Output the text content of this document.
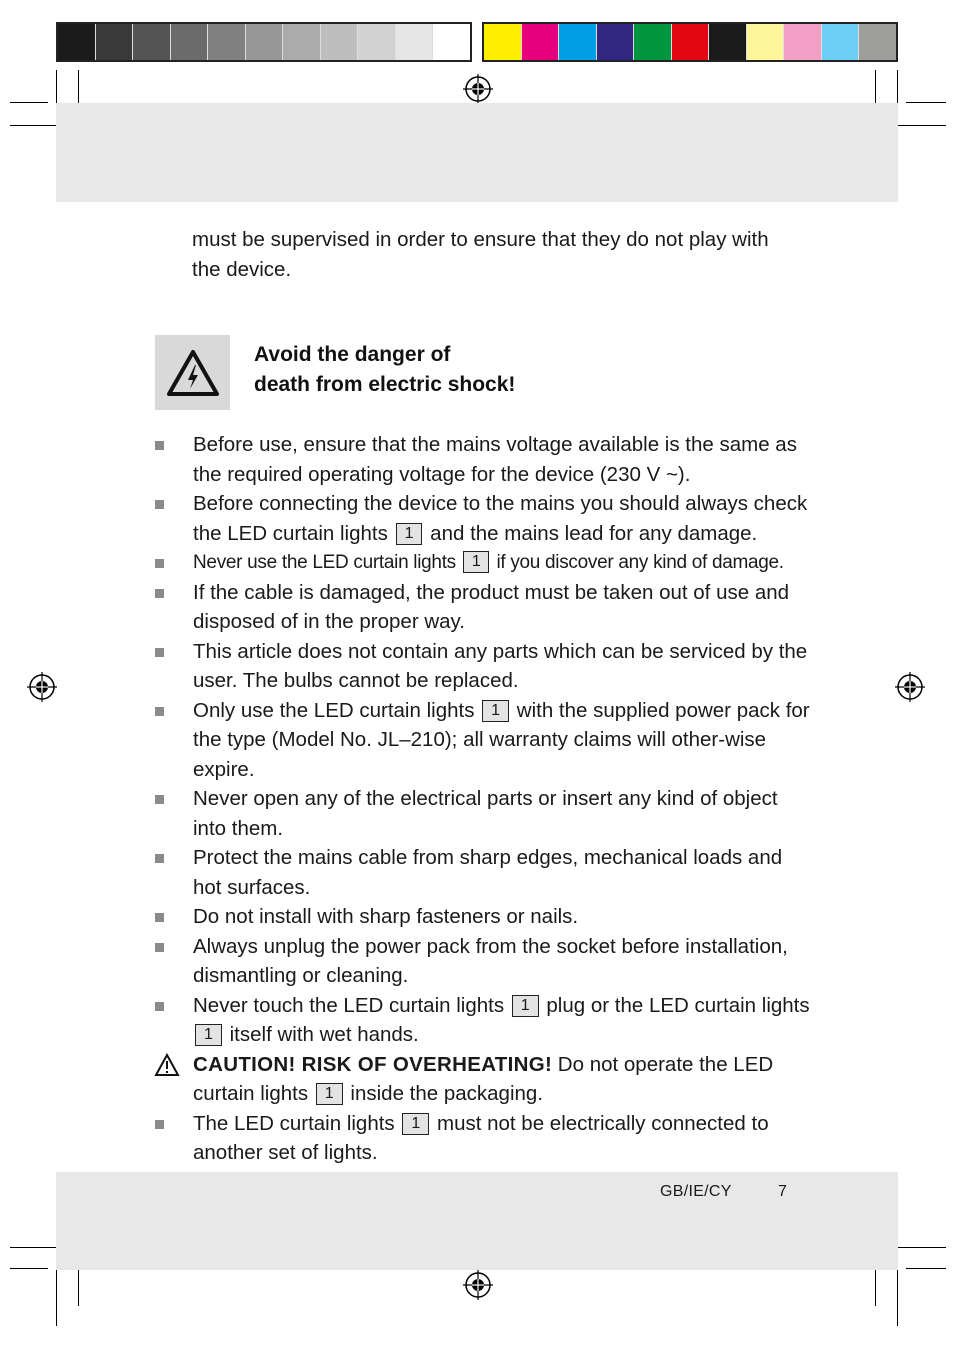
must be supervised in order to ensure that they do not play with the device.

Avoid the danger of
death from electric shock!
Before use, ensure that the mains voltage available is the same as the required operating voltage for the device (230 V ~).
Before connecting the device to the mains you should always check the LED curtain lights 1 and the mains lead for any damage.
Never use the LED curtain lights 1 if you discover any kind of damage.
If the cable is damaged, the product must be taken out of use and disposed of in the proper way.
This article does not contain any parts which can be serviced by the user. The bulbs cannot be replaced.
Only use the LED curtain lights 1 with the supplied power pack for the type (Model No. JL–210); all warranty claims will other-wise expire.
Never open any of the electrical parts or insert any kind of object into them.
Protect the mains cable from sharp edges, mechanical loads and hot surfaces.
Do not install with sharp fasteners or nails.
Always unplug the power pack from the socket before installation, dismantling or cleaning.
Never touch the LED curtain lights 1 plug or the LED curtain lights 1 itself with wet hands.
CAUTION! RISK OF OVERHEATING! Do not operate the LED curtain lights 1 inside the packaging.
The LED curtain lights 1 must not be electrically connected to another set of lights.
GB/IE/CY	7
